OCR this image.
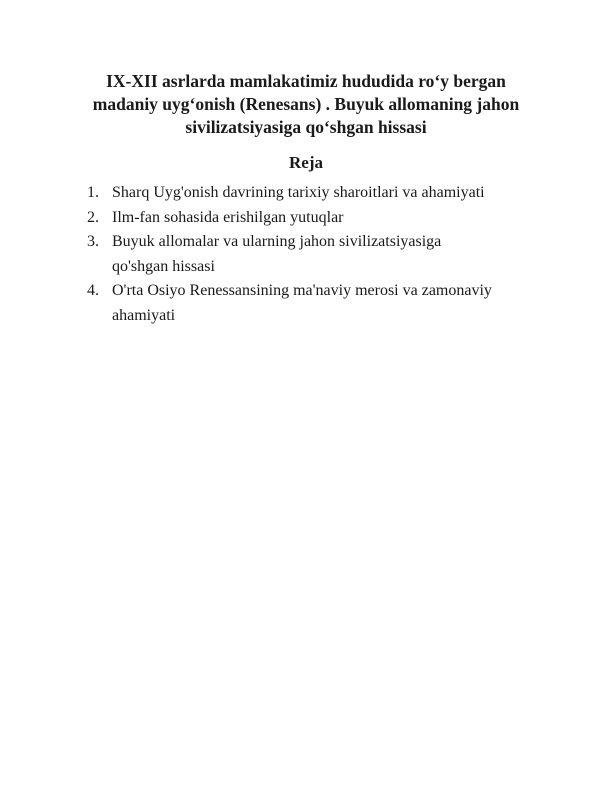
IX-XII asrlarda mamlakatimiz hududida ro‘y bergan
madaniy uyg‘onish (Renesans) . Buyuk allomaning jahon
sivilizatsiyasiga qo‘shgan hissasi
Reja
1. Sharq Uyg'onish davrining tarixiy sharoitlari va ahamiyati
2. Ilm-fan sohasida erishilgan yutuqlar
3. Buyuk allomalar va ularning jahon sivilizatsiyasiga
qo'shgan hissasi
4. O'rta Osiyo Renessansining ma'naviy merosi va zamonaviy
ahamiyati
